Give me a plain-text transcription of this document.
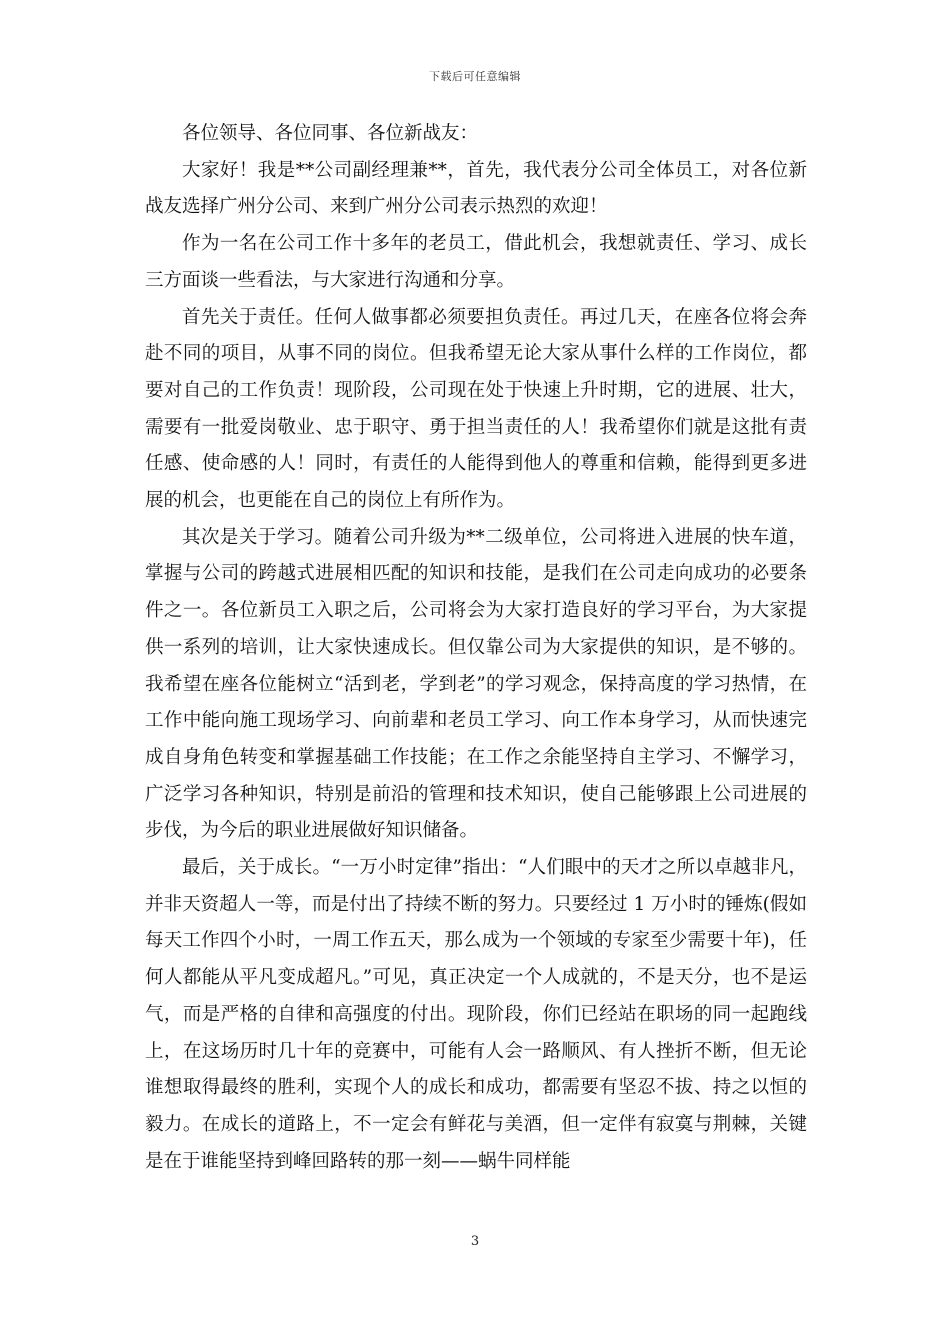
下载后可任意编辑

各位领导、各位同事、各位新战友：

大家好！我是**公司副经理兼**，首先，我代表分公司全体员工，对各位新战友选择广州分公司、来到广州分公司表示热烈的欢迎！

作为一名在公司工作十多年的老员工，借此机会，我想就责任、学习、成长三方面谈一些看法，与大家进行沟通和分享。

首先关于责任。任何人做事都必须要担负责任。再过几天，在座各位将会奔赴不同的项目，从事不同的岗位。但我希望无论大家从事什么样的工作岗位，都要对自己的工作负责！现阶段，公司现在处于快速上升时期，它的进展、壮大，需要有一批爱岗敬业、忠于职守、勇于担当责任的人！我希望你们就是这批有责任感、使命感的人！同时，有责任的人能得到他人的尊重和信赖，能得到更多进展的机会，也更能在自己的岗位上有所作为。

其次是关于学习。随着公司升级为**二级单位，公司将进入进展的快车道，掌握与公司的跨越式进展相匹配的知识和技能，是我们在公司走向成功的必要条件之一。各位新员工入职之后，公司将会为大家打造良好的学习平台，为大家提供一系列的培训，让大家快速成长。但仅靠公司为大家提供的知识，是不够的。我希望在座各位能树立“活到老，学到老”的学习观念，保持高度的学习热情，在工作中能向施工现场学习、向前辈和老员工学习、向工作本身学习，从而快速完成自身角色转变和掌握基础工作技能；在工作之余能坚持自主学习、不懈学习，广泛学习各种知识，特别是前沿的管理和技术知识，使自己能够跟上公司进展的步伐，为今后的职业进展做好知识储备。

最后，关于成长。“一万小时定律”指出：“人们眼中的天才之所以卓越非凡，并非天资超人一等，而是付出了持续不断的努力。只要经过 1 万小时的锤炼(假如每天工作四个小时，一周工作五天，那么成为一个领域的专家至少需要十年)，任何人都能从平凡变成超凡。”可见，真正决定一个人成就的，不是天分，也不是运气，而是严格的自律和高强度的付出。现阶段，你们已经站在职场的同一起跑线上，在这场历时几十年的竞赛中，可能有人会一路顺风、有人挫折不断，但无论谁想取得最终的胜利，实现个人的成长和成功，都需要有坚忍不拔、持之以恒的毅力。在成长的道路上，不一定会有鲜花与美酒，但一定伴有寂寞与荆棘，关键是在于谁能坚持到峰回路转的那一刻——蜗牛同样能

3
